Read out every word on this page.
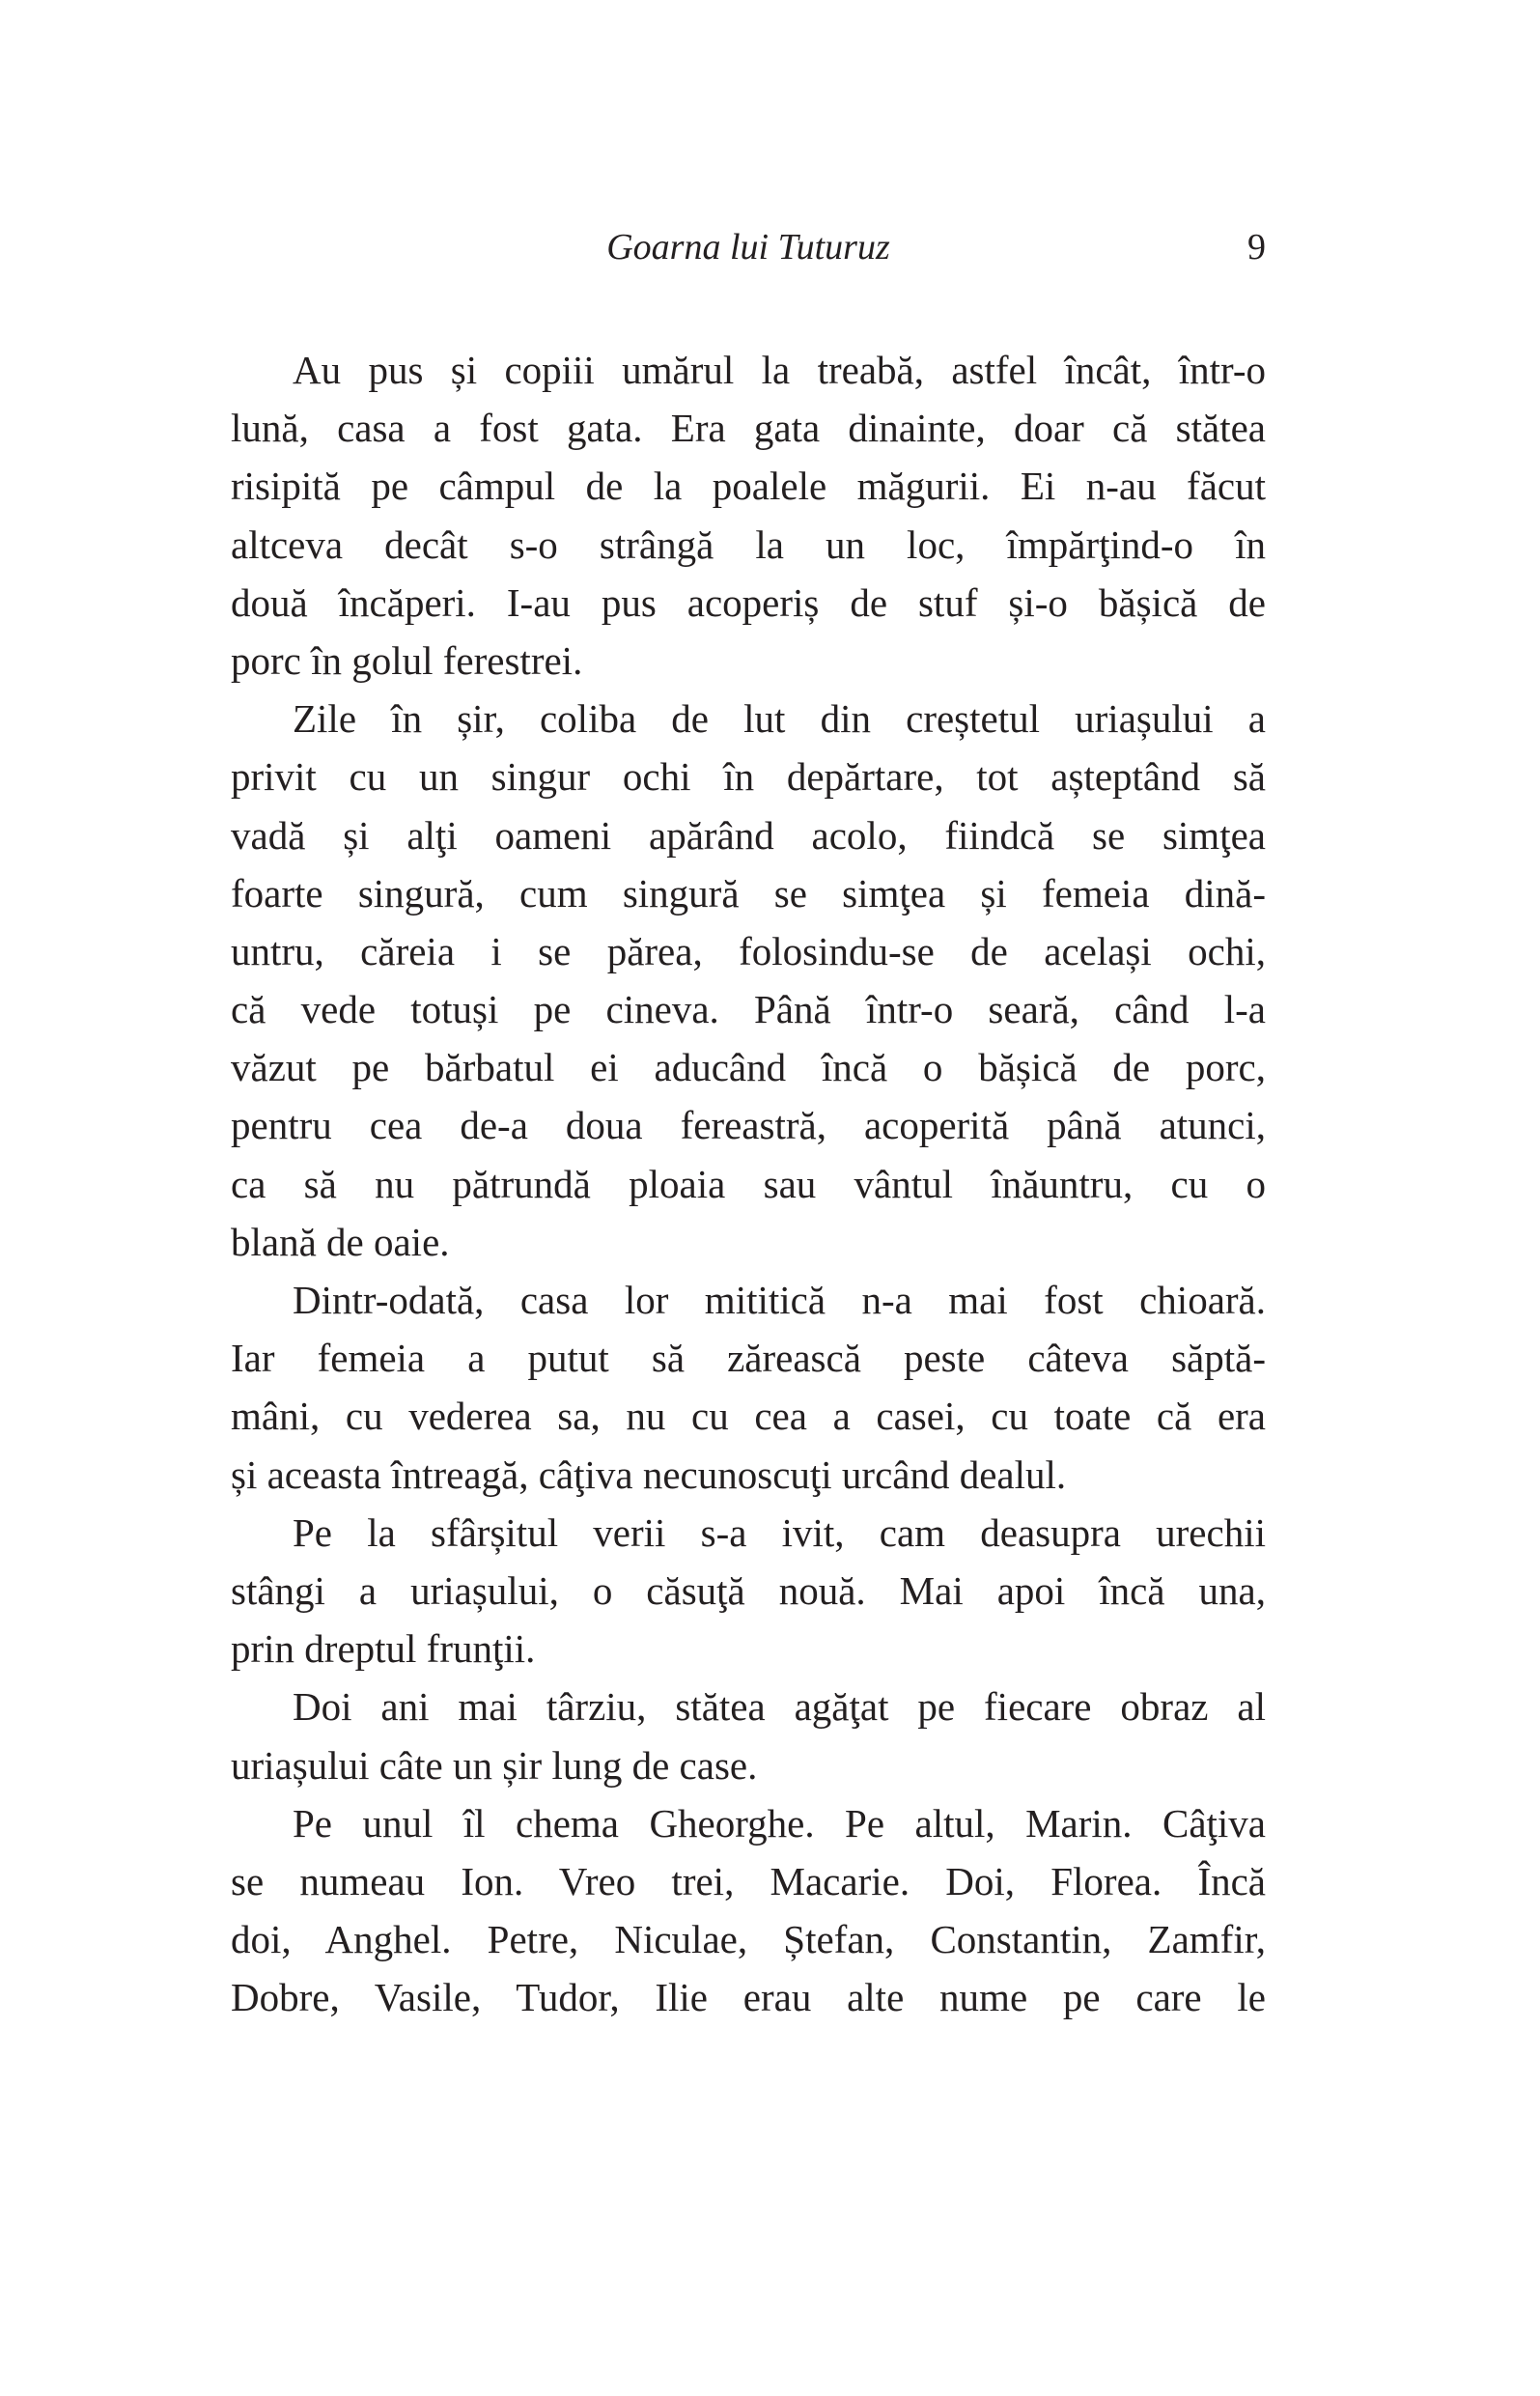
Goarna lui Tuturuz	9
Au pus și copiii umărul la treabă, astfel încât, într-o
lună, casa a fost gata. Era gata dinainte, doar că stătea
risipită pe câmpul de la poalele măgurii. Ei n-au făcut
altceva decât s-o strângă la un loc, împărţind-o în
două încăperi. I-au pus acoperiș de stuf și-o bășică de
porc în golul ferestrei.
Zile în șir, coliba de lut din creștetul uriașului a
privit cu un singur ochi în depărtare, tot așteptând să
vadă și alţi oameni apărând acolo, fiindcă se simţea
foarte singură, cum singură se simţea și femeia dină-
untru, căreia i se părea, folosindu-se de același ochi,
că vede totuși pe cineva. Până într-o seară, când l-a
văzut pe bărbatul ei aducând încă o bășică de porc,
pentru cea de-a doua fereastră, acoperită până atunci,
ca să nu pătrundă ploaia sau vântul înăuntru, cu o
blană de oaie.
Dintr-odată, casa lor mititică n-a mai fost chioară.
Iar femeia a putut să zărească peste câteva săptă-
mâni, cu vederea sa, nu cu cea a casei, cu toate că era
și aceasta întreagă, câţiva necunoscuţi urcând dealul.
Pe la sfârșitul verii s-a ivit, cam deasupra urechii
stângi a uriașului, o căsuţă nouă. Mai apoi încă una,
prin dreptul frunţii.
Doi ani mai târziu, stătea agăţat pe fiecare obraz al
uriașului câte un șir lung de case.
Pe unul îl chema Gheorghe. Pe altul, Marin. Câţiva
se numeau Ion. Vreo trei, Macarie. Doi, Florea. Încă
doi, Anghel. Petre, Niculae, Ștefan, Constantin, Zamfir,
Dobre, Vasile, Tudor, Ilie erau alte nume pe care le
